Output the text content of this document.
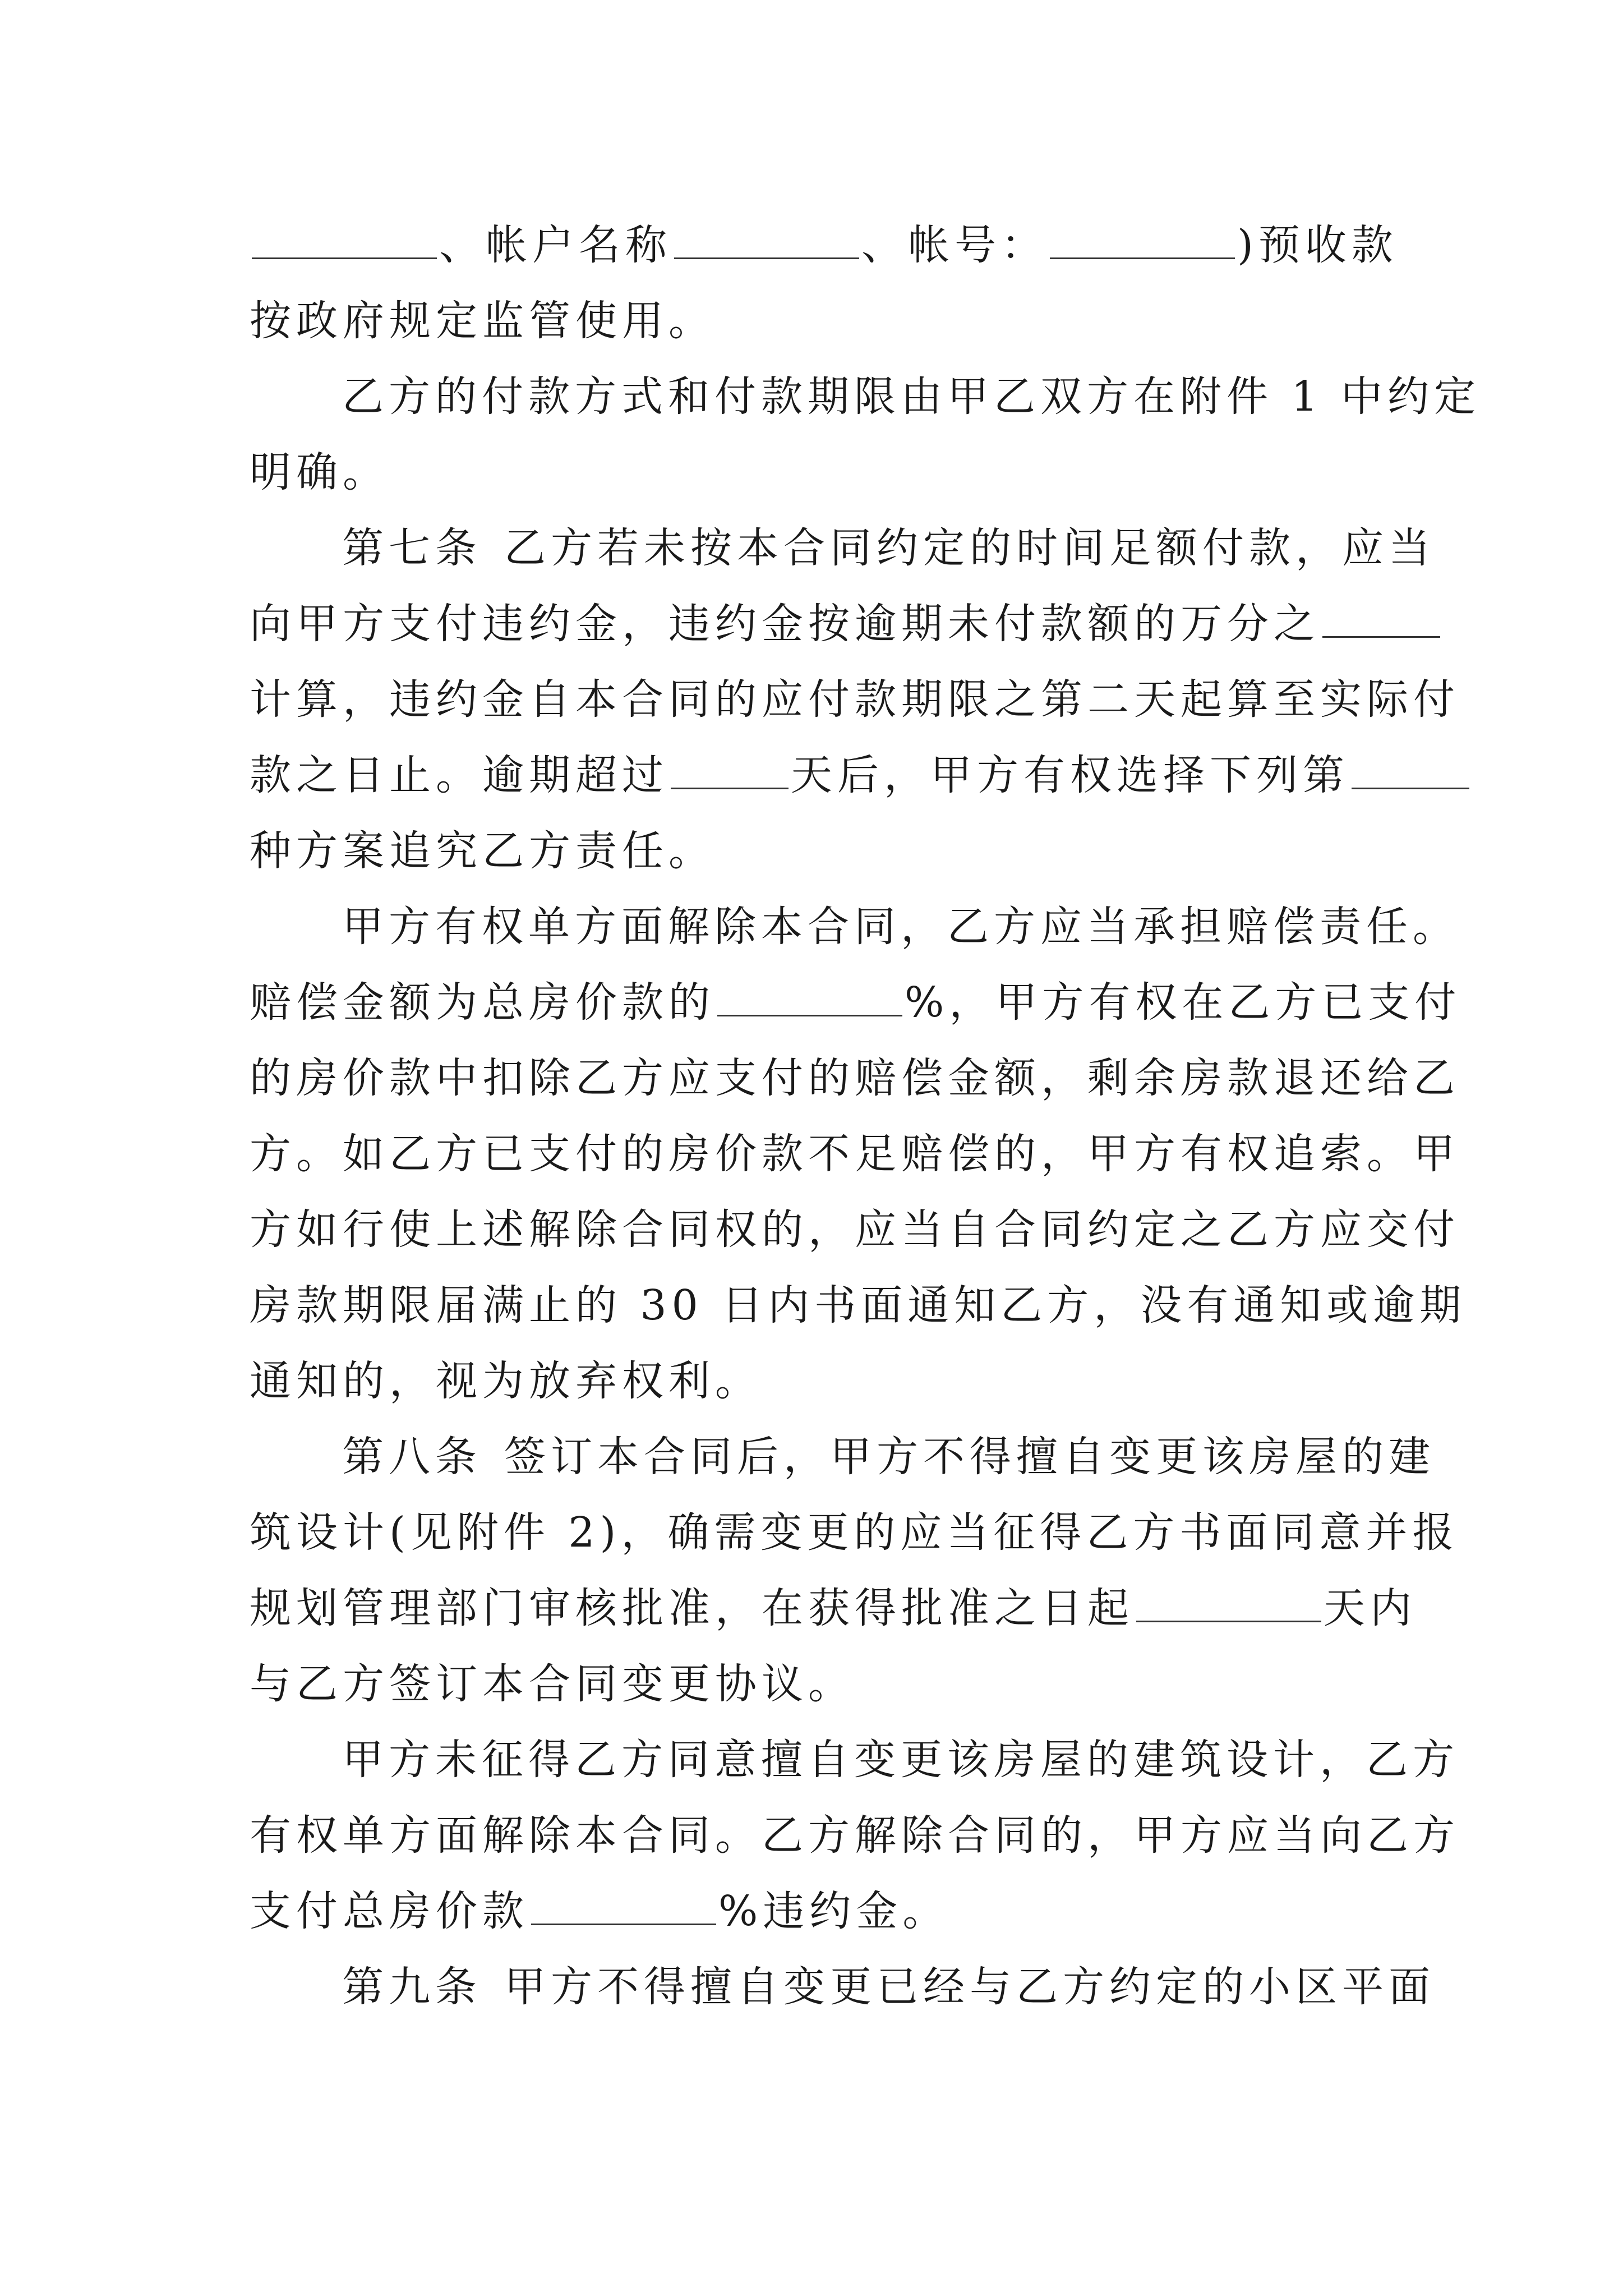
、帐户名称	、帐号：	)预收款
按政府规定监管使用。
乙方的付款方式和付款期限由甲乙双方在附件 1 中约定
明确。
第七条 乙方若未按本合同约定的时间足额付款，应当
向甲方支付违约金，违约金按逾期未付款额的万分之
计算，违约金自本合同的应付款期限之第二天起算至实际付
款之日止。逾期超过	天后，甲方有权选择下列第
种方案追究乙方责任。
甲方有权单方面解除本合同，乙方应当承担赔偿责任。
赔偿金额为总房价款的	%，甲方有权在乙方已支付
的房价款中扣除乙方应支付的赔偿金额，剩余房款退还给乙
方。如乙方已支付的房价款不足赔偿的，甲方有权追索。甲
方如行使上述解除合同权的，应当自合同约定之乙方应交付
房款期限届满止的 30 日内书面通知乙方，没有通知或逾期
通知的，视为放弃权利。
第八条 签订本合同后，甲方不得擅自变更该房屋的建
筑设计(见附件 2)，确需变更的应当征得乙方书面同意并报
规划管理部门审核批准，在获得批准之日起	天内
与乙方签订本合同变更协议。
甲方未征得乙方同意擅自变更该房屋的建筑设计，乙方
有权单方面解除本合同。乙方解除合同的，甲方应当向乙方
支付总房价款	%违约金。
第九条 甲方不得擅自变更已经与乙方约定的小区平面
